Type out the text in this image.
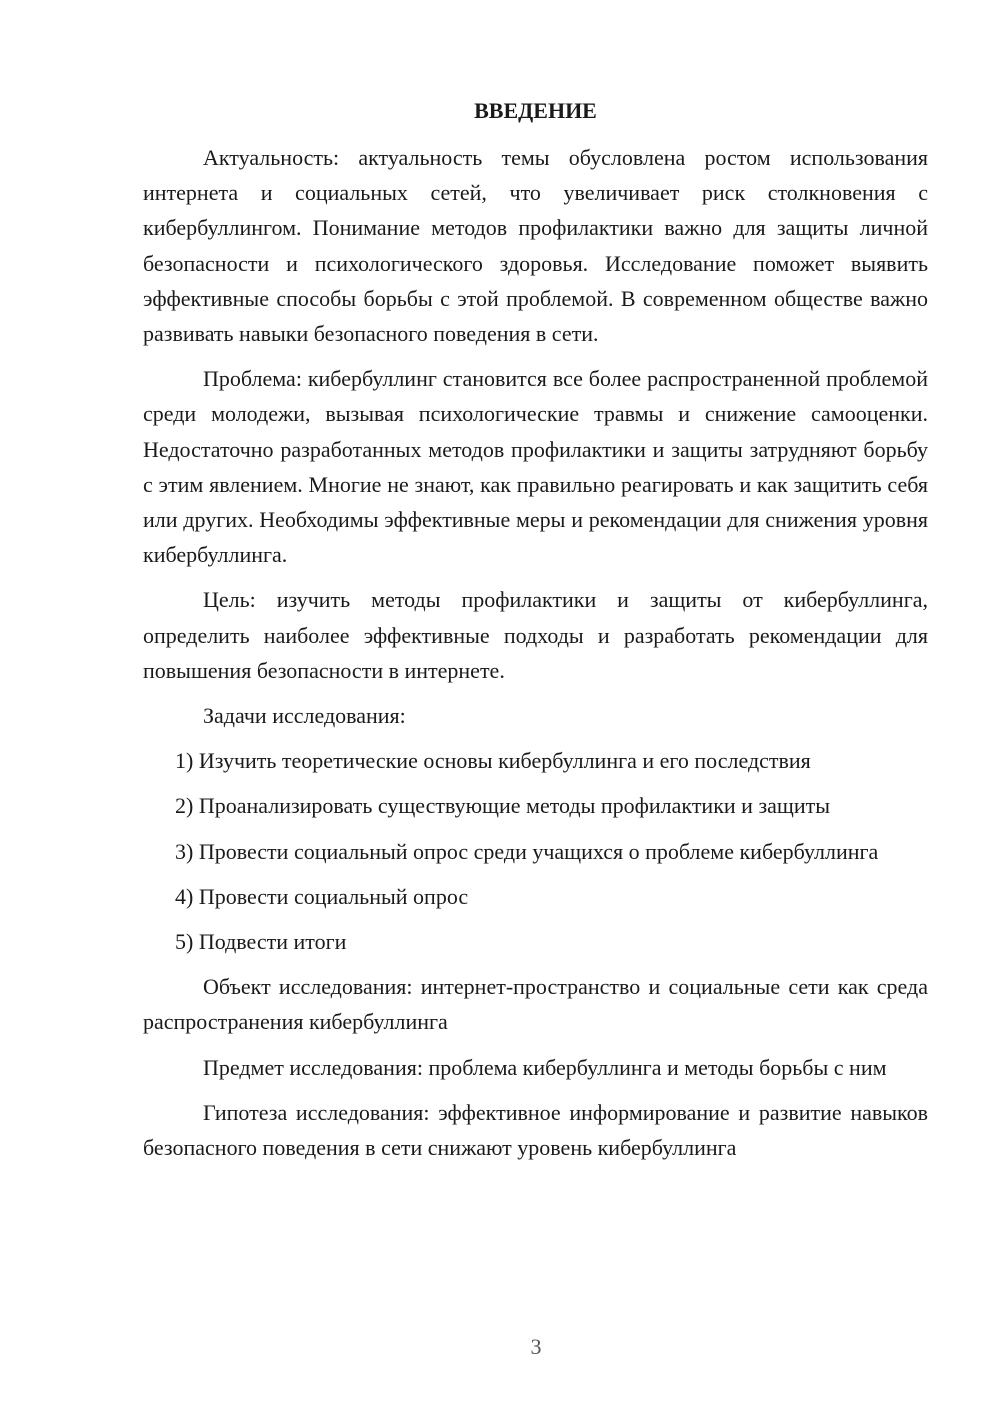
ВВЕДЕНИЕ

Актуальность: актуальность темы обусловлена ростом использования интернета и социальных сетей, что увеличивает риск столкновения с кибербуллингом. Понимание методов профилактики важно для защиты личной безопасности и психологического здоровья. Исследование поможет выявить эффективные способы борьбы с этой проблемой. В современном обществе важно развивать навыки безопасного поведения в сети.

Проблема: кибербуллинг становится все более распространенной проблемой среди молодежи, вызывая психологические травмы и снижение самооценки. Недостаточно разработанных методов профилактики и защиты затрудняют борьбу с этим явлением. Многие не знают, как правильно реагировать и как защитить себя или других. Необходимы эффективные меры и рекомендации для снижения уровня кибербуллинга.

Цель: изучить методы профилактики и защиты от кибербуллинга, определить наиболее эффективные подходы и разработать рекомендации для повышения безопасности в интернете.

Задачи исследования:

1) Изучить теоретические основы кибербуллинга и его последствия

2) Проанализировать существующие методы профилактики и защиты

3) Провести социальный опрос среди учащихся о проблеме кибербуллинга

4) Провести социальный опрос

5) Подвести итоги

Объект исследования: интернет-пространство и социальные сети как среда распространения кибербуллинга

Предмет исследования: проблема кибербуллинга и методы борьбы с ним

Гипотеза исследования: эффективное информирование и развитие навыков безопасного поведения в сети снижают уровень кибербуллинга

3
